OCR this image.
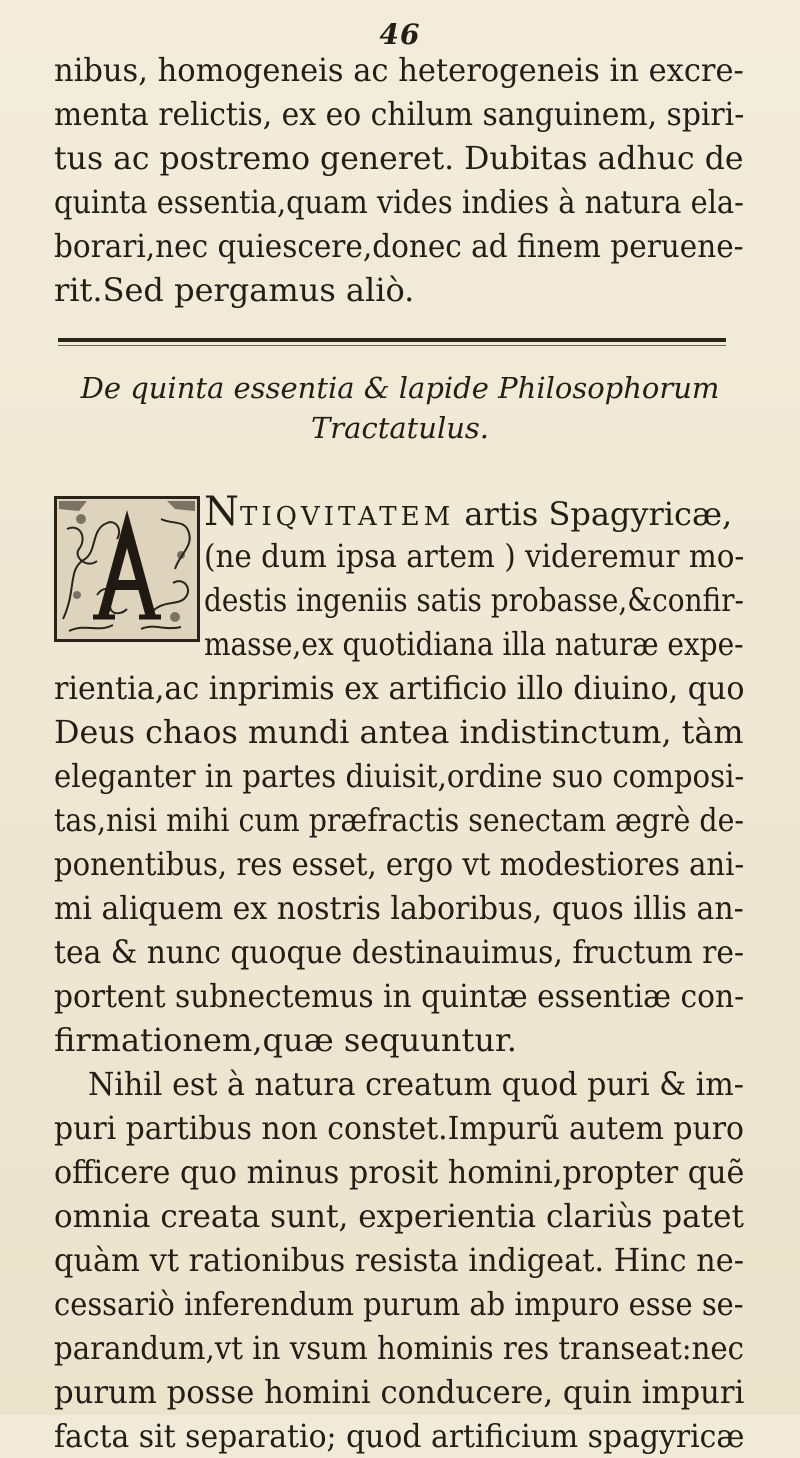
46
nibus, homogeneis ac heterogeneis in excre-
menta relictis, ex eo chilum sanguinem, spiri-
tus ac postremo generet. Dubitas adhuc de
quinta essentia,quam vides indies à natura ela-
borari,nec quiescere,donec ad finem peruene-
rit.Sed pergamus aliò.
De quinta essentia & lapide Philosophorum
Tractatulus.
NTIQVITATEM artis Spagyricæ,
(ne dum ipsa artem ) videremur mo-
destis ingeniis satis probasse,&confir-
masse,ex quotidiana illa naturæ expe-
rientia,ac inprimis ex artificio illo diuino, quo
Deus chaos mundi antea indistinctum, tàm
eleganter in partes diuisit,ordine suo composi-
tas,nisi mihi cum præfractis senectam ægrè de-
ponentibus, res esset, ergo vt modestiores ani-
mi aliquem ex nostris laboribus, quos illis an-
tea & nunc quoque destinauimus, fructum re-
portent subnectemus in quintæ essentiæ con-
firmationem,quæ sequuntur.
Nihil est à natura creatum quod puri & im-
puri partibus non constet.Impurũ autem puro
officere quo minus prosit homini,propter quẽ
omnia creata sunt, experientia clariùs patet
quàm vt rationibus resista indigeat. Hinc ne-
cessariò inferendum purum ab impuro esse se-
parandum,vt in vsum hominis res transeat:nec
purum posse homini conducere, quin impuri
facta sit separatio; quod artificium spagyricæ
